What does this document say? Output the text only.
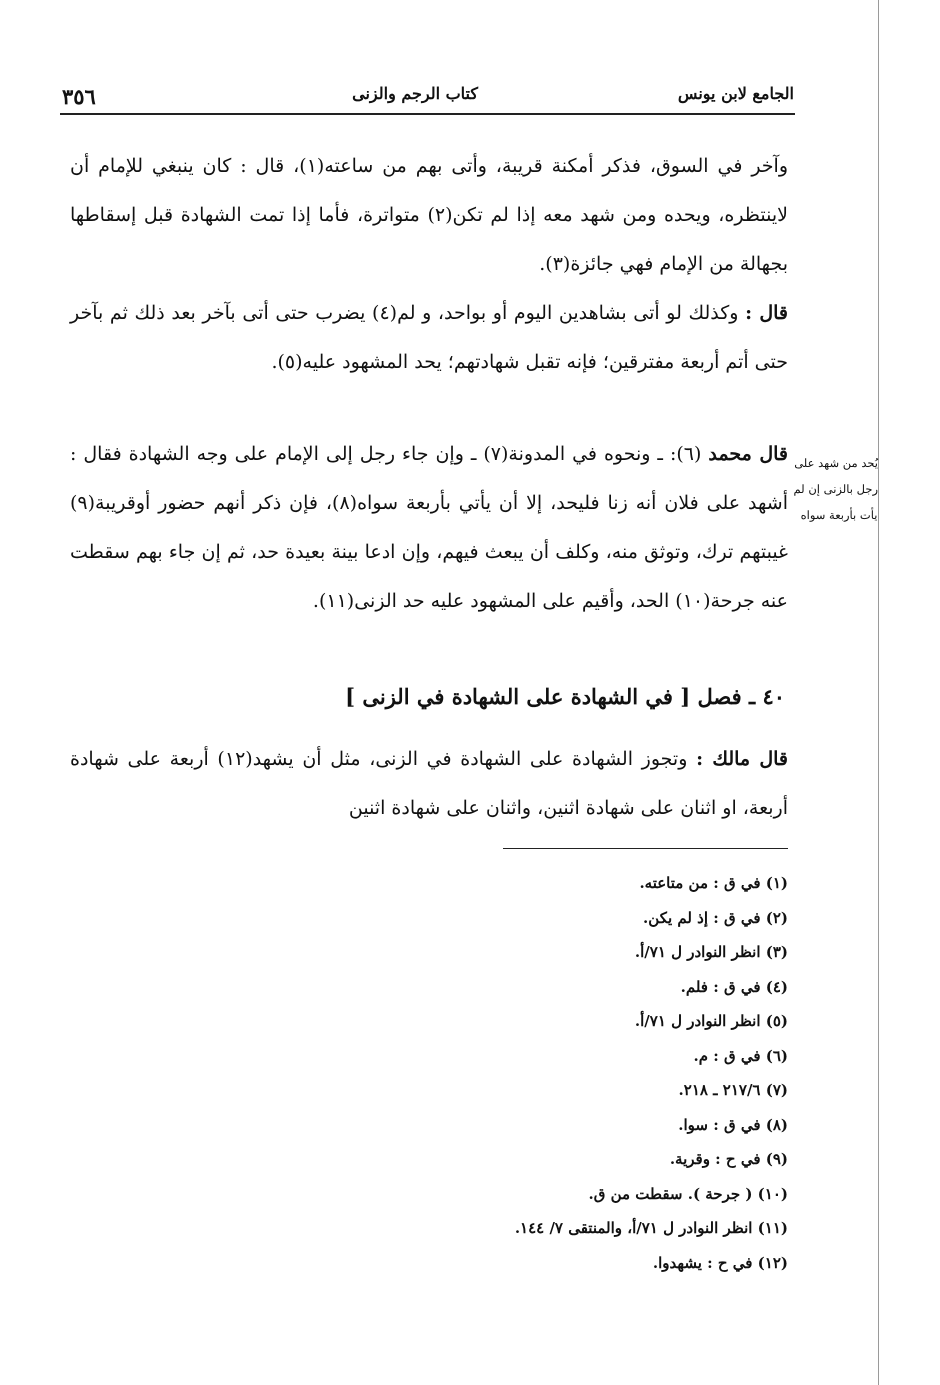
الجامع لابن يونس
كتاب الرجم والزنى
٣٥٦

وآخر في السوق، فذكر أمكنة قريبة، وأتى بهم من ساعته(١)، قال : كان ينبغي للإمام أن لاينتظره، ويحده ومن شهد معه إذا لم تكن(٢) متواترة، فأما إذا تمت الشهادة قبل إسقاطها بجهالة من الإمام فهي جائزة(٣).

قال : وكذلك لو أتى بشاهدين اليوم أو بواحد، و لم(٤) يضرب حتى أتى بآخر بعد ذلك ثم بآخر حتى أتم أربعة مفترقين؛ فإنه تقبل شهادتهم؛ يحد المشهود عليه(٥).

قال محمد (٦): ـ ونحوه في المدونة(٧) ـ وإن جاء رجل إلى الإمام على وجه الشهادة فقال : أشهد على فلان أنه زنا فليحد، إلا أن يأتي بأربعة سواه(٨)، فإن ذكر أنهم حضور أوقريبة(٩) غيبتهم ترك، وتوثق منه، وكلف أن يبعث فيهم، وإن ادعا بينة بعيدة حد، ثم إن جاء بهم سقطت عنه جرحة(١٠) الحد، وأقيم على المشهود عليه حد الزنى(١١).

يُحد من شهد على
رجل بالزنى إن لم
يأت بأربعة سواه
٤٠ ـ فصل [ في الشهادة على الشهادة في الزنى ]

قال مالك : وتجوز الشهادة على الشهادة في الزنى، مثل أن يشهد(١٢) أربعة على شهادة أربعة، او اثنان على شهادة اثنين، واثنان على شهادة اثنين

(١) في ق : من متاعته.
(٢) في ق : إذ لم يكن.
(٣) انظر النوادر ل ٧١/أ.
(٤) في ق : فلم.
(٥) انظر النوادر ل ٧١/أ.
(٦) في ق : م.
(٧) ٢١٧/٦ ـ ٢١٨.
(٨) في ق : سوا.
(٩) في ح : وقرية.
(١٠) ( جرحة ). سقطت من ق.
(١١) انظر النوادر ل ٧١/أ، والمنتقى ٧/ ١٤٤.
(١٢) في ح : يشهدوا.
